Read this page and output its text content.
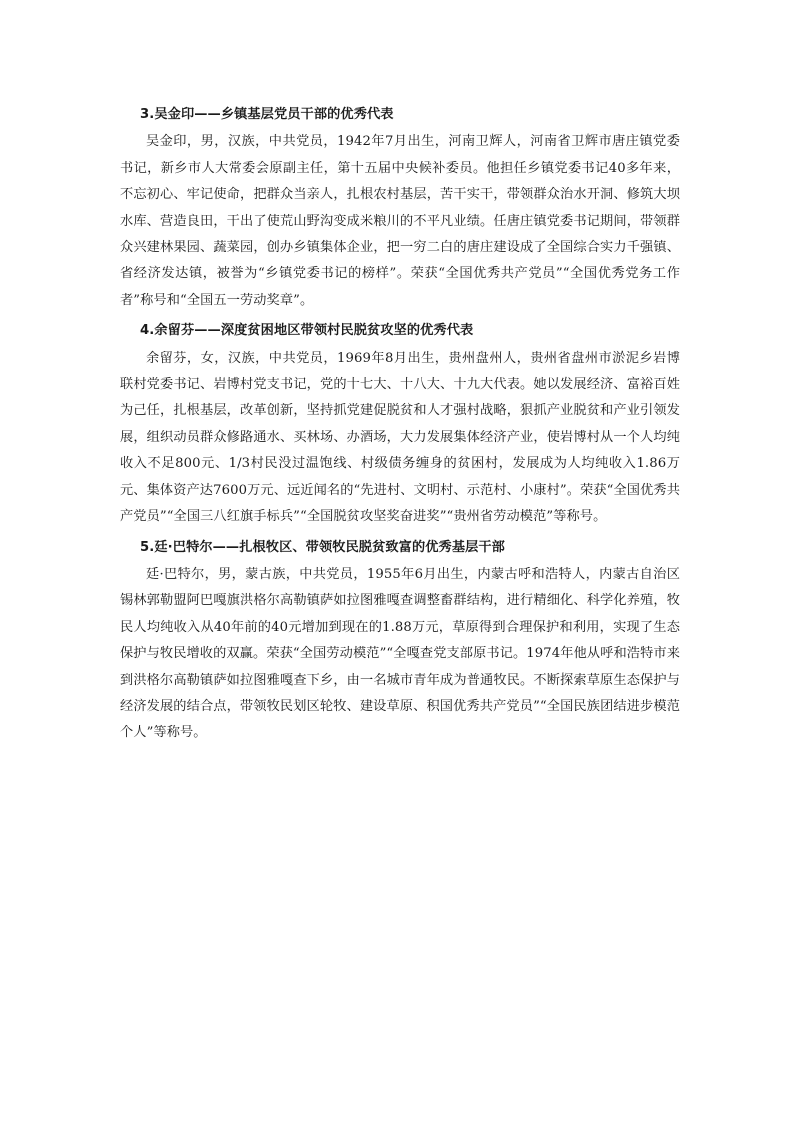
3.吴金印——乡镇基层党员干部的优秀代表

吴金印，男，汉族，中共党员，1942年7月出生，河南卫辉人，河南省卫辉市唐庄镇党委书记，新乡市人大常委会原副主任，第十五届中央候补委员。他担任乡镇党委书记40多年来，不忘初心、牢记使命，把群众当亲人，扎根农村基层，苦干实干，带领群众治水开洞、修筑大坝水库、营造良田，干出了使荒山野沟变成米粮川的不平凡业绩。任唐庄镇党委书记期间，带领群众兴建林果园、蔬菜园，创办乡镇集体企业，把一穷二白的唐庄建设成了全国综合实力千强镇、省经济发达镇，被誉为“乡镇党委书记的榜样”。荣获“全国优秀共产党员”“全国优秀党务工作者”称号和“全国五一劳动奖章”。

4.余留芬——深度贫困地区带领村民脱贫攻坚的优秀代表

余留芬，女，汉族，中共党员，1969年8月出生，贵州盘州人，贵州省盘州市淤泥乡岩博联村党委书记、岩博村党支书记，党的十七大、十八大、十九大代表。她以发展经济、富裕百姓为己任，扎根基层，改革创新，坚持抓党建促脱贫和人才强村战略，狠抓产业脱贫和产业引领发展，组织动员群众修路通水、买林场、办酒场，大力发展集体经济产业，使岩博村从一个人均纯收入不足800元、1/3村民没过温饱线、村级债务缠身的贫困村，发展成为人均纯收入1.86万元、集体资产达7600万元、远近闻名的“先进村、文明村、示范村、小康村”。荣获“全国优秀共产党员”“全国三八红旗手标兵”“全国脱贫攻坚奖奋进奖”“贵州省劳动模范”等称号。

5.廷·巴特尔——扎根牧区、带领牧民脱贫致富的优秀基层干部

廷·巴特尔，男，蒙古族，中共党员，1955年6月出生，内蒙古呼和浩特人，内蒙古自治区锡林郭勒盟阿巴嘎旗洪格尔高勒镇萨如拉图雅嘎查调整畜群结构，进行精细化、科学化养殖，牧民人均纯收入从40年前的40元增加到现在的1.88万元，草原得到合理保护和利用，实现了生态保护与牧民增收的双赢。荣获“全国劳动模范”“全嘎查党支部原书记。1974年他从呼和浩特市来到洪格尔高勒镇萨如拉图雅嘎查下乡，由一名城市青年成为普通牧民。不断探索草原生态保护与经济发展的结合点，带领牧民划区轮牧、建设草原、积国优秀共产党员”“全国民族团结进步模范个人”等称号。
